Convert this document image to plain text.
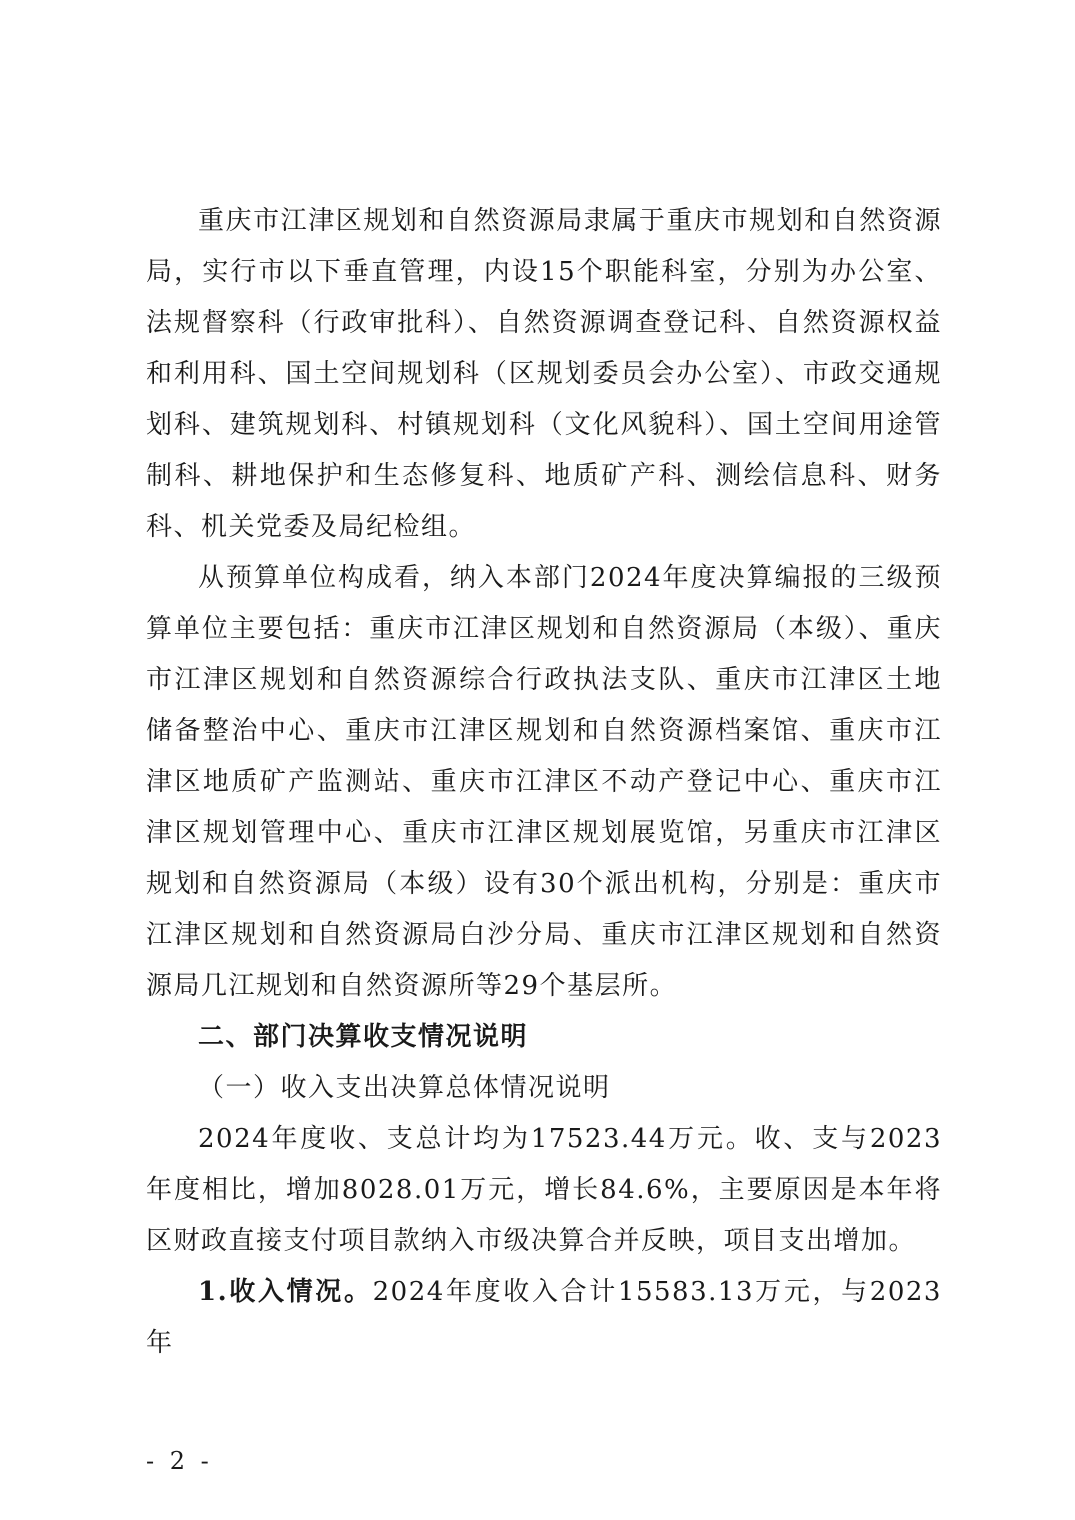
重庆市江津区规划和自然资源局隶属于重庆市规划和自然资源局，实行市以下垂直管理，内设15个职能科室，分别为办公室、法规督察科（行政审批科）、自然资源调查登记科、自然资源权益和利用科、国土空间规划科（区规划委员会办公室）、市政交通规划科、建筑规划科、村镇规划科（文化风貌科）、国土空间用途管制科、耕地保护和生态修复科、地质矿产科、测绘信息科、财务科、机关党委及局纪检组。

从预算单位构成看，纳入本部门2024年度决算编报的三级预算单位主要包括：重庆市江津区规划和自然资源局（本级）、重庆市江津区规划和自然资源综合行政执法支队、重庆市江津区土地储备整治中心、重庆市江津区规划和自然资源档案馆、重庆市江津区地质矿产监测站、重庆市江津区不动产登记中心、重庆市江津区规划管理中心、重庆市江津区规划展览馆，另重庆市江津区规划和自然资源局（本级）设有30个派出机构，分别是：重庆市江津区规划和自然资源局白沙分局、重庆市江津区规划和自然资源局几江规划和自然资源所等29个基层所。

二、部门决算收支情况说明

（一）收入支出决算总体情况说明

2024年度收、支总计均为17523.44万元。收、支与2023年度相比，增加8028.01万元，增长84.6%，主要原因是本年将区财政直接支付项目款纳入市级决算合并反映，项目支出增加。

1.收入情况。2024年度收入合计15583.13万元，与2023年

- 2 -
